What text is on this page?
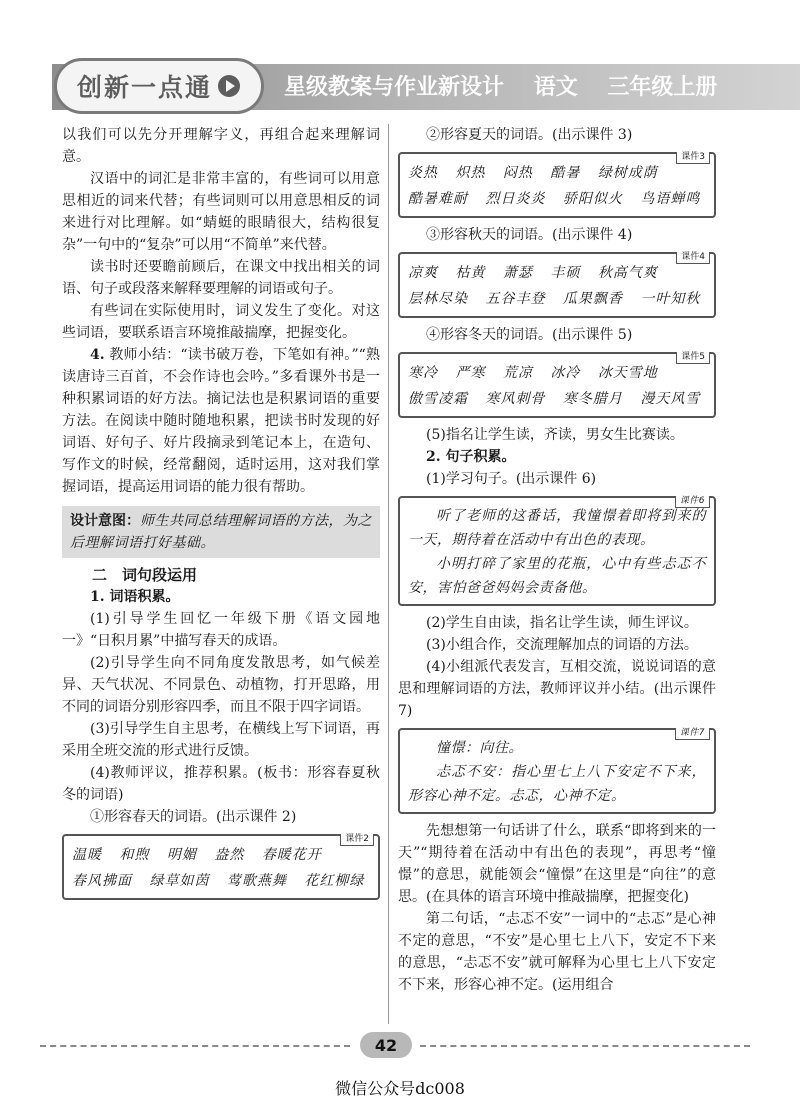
创新一点通	星级教案与作业新设计 语文 三年级上册

以我们可以先分开理解字义，再组合起来理解词意。

汉语中的词汇是非常丰富的，有些词可以用意思相近的词来代替；有些词则可以用意思相反的词来进行对比理解。如“蜻蜓的眼睛很大，结构很复杂”一句中的“复杂”可以用“不简单”来代替。

读书时还要瞻前顾后，在课文中找出相关的词语、句子或段落来解释要理解的词语或句子。

有些词在实际使用时，词义发生了变化。对这些词语，要联系语言环境推敲揣摩，把握变化。

4. 教师小结：“读书破万卷，下笔如有神。”“熟读唐诗三百首，不会作诗也会吟。”多看课外书是一种积累词语的好方法。摘记法也是积累词语的重要方法。在阅读中随时随地积累，把读书时发现的好词语、好句子、好片段摘录到笔记本上，在造句、写作文的时候，经常翻阅，适时运用，这对我们掌握词语，提高运用词语的能力很有帮助。

设计意图：师生共同总结理解词语的方法，为之后理解词语打好基础。

二　词句段运用

1. 词语积累。

(1)引导学生回忆一年级下册《语文园地一》“日积月累”中描写春天的成语。

(2)引导学生向不同角度发散思考，如气候差异、天气状况、不同景色、动植物，打开思路，用不同的词语分别形容四季，而且不限于四字词语。

(3)引导学生自主思考，在横线上写下词语，再采用全班交流的形式进行反馈。

(4)教师评议，推荐积累。(板书：形容春夏秋冬的词语)

①形容春天的词语。(出示课件 2)

课件2
温暖 和煦 明媚 盎然 春暖花开
春风拂面 绿草如茵 莺歌燕舞 花红柳绿

②形容夏天的词语。(出示课件 3)

课件3
炎热 炽热 闷热 酷暑 绿树成荫
酷暑难耐 烈日炎炎 骄阳似火 鸟语蝉鸣

③形容秋天的词语。(出示课件 4)

课件4
凉爽 枯黄 萧瑟 丰硕 秋高气爽
层林尽染 五谷丰登 瓜果飘香 一叶知秋

④形容冬天的词语。(出示课件 5)

课件5
寒冷 严寒 荒凉 冰冷 冰天雪地
傲雪凌霜 寒风刺骨 寒冬腊月 漫天风雪

(5)指名让学生读，齐读，男女生比赛读。

2. 句子积累。

(1)学习句子。(出示课件 6)

课件6

听了老师的这番话，我憧憬着即将到来的一天，期待着在活动中有出色的表现。

小明打碎了家里的花瓶，心中有些忐忑不安，害怕爸爸妈妈会责备他。

(2)学生自由读，指名让学生读，师生评议。

(3)小组合作，交流理解加点的词语的方法。

(4)小组派代表发言，互相交流，说说词语的意思和理解词语的方法，教师评议并小结。(出示课件 7)

课件7

憧憬：向往。

忐忑不安：指心里七上八下安定不下来，形容心神不定。忐忑，心神不定。

先想想第一句话讲了什么，联系“即将到来的一天”“期待着在活动中有出色的表现”，再思考“憧憬”的意思，就能领会“憧憬”在这里是“向往”的意思。(在具体的语言环境中推敲揣摩，把握变化)

第二句话，“忐忑不安”一词中的“忐忑”是心神不定的意思，“不安”是心里七上八下，安定不下来的意思，“忐忑不安”就可解释为心里七上八下安定不下来，形容心神不定。(运用组合

42
微信公众号dc008
